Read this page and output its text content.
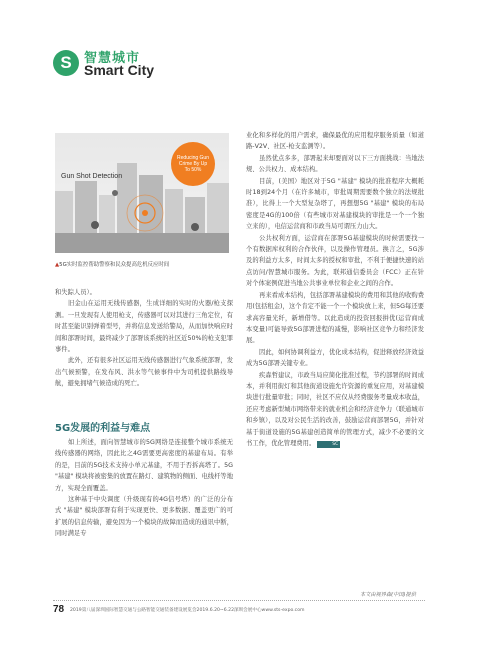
S 智慧城市
Smart City
Gun Shot Detection
Reducing Gun Crime By Up To 50%
▲5G实时监控帮助警察和民众提高危机反应时间

和失踪人员）。

旧金山在运用无线传感器，生成详细的实时的火器/枪支探测。一旦发现有人使用枪支，传感器可以对其进行三角定位，有时甚至能识别弹着型号，并将信息发送给警局，从而加快响应时间和部署时间，最终减少了部署该系统的社区近50%的枪支犯罪事件。

此外，还有很多社区运用无线传感器进行气象系统部署，发出气候预警，在发布风、洪水等气候事件中为司机提供路线导航，避免拥堵气候造成的死亡。

5G发展的利益与难点

如上所述，面向智慧城市的5G网络是连接整个城市系统无线传感器的网络，因此比之4G需要更高密度的基建布局。有举的是，目前的5G技术支持小单元基建，不用于否拆高塔了。5G "基建" 模块将被密集的放置在路灯、建筑物的侧面、电线杆等地方，实现全面覆盖。

这种基于中央调度（升级现有的4G信号塔）的广泛的分布式 "基建" 模块部署有利于实现更快、更多数据、覆盖更广的可扩展的信息传输，避免因为一个模块的故障而造成的通讯中断，同时满足专

业化和多样化的用户需求，确保最优的应用程序服务质量（如道路-V2V、社区-枪支监测等）。

虽然优点多多，部署起来却要面对以下三方面挑战：当地法规、公共权力、成本结构。

目前，(美国）地区对于5G "基建" 模块的批准程序大概耗时18到24个月（在许多城市，审批周期需要数个独立的法规批准），比得上一个大型复杂塔了，再想想5G "基建" 模块的布局密度是4G的100倍（有些城市对基建模块的审批是一个一个独立来的），电信运营商和市政当局可谓压力山大。

公共权利方面，运营商在部署5G基建模块的时候需要找一个有数据库权利的合作伙伴，以及操作管理员。换言之，5G涉及的利益方太多，时间太多的授权和审批，不利于便捷快速的站点访问/智慧城市服务。为此，联邦通信委员会（FCC）正在针对个体案例促进当地公共事业单位和企业之间的合作。

再来看成本结构，包括部署基建模块的费用和其他的收购费用(包括租金)，这个肯定不能一个一个模块放上来，但5G每还要求高容量光纤，新增借等。以此造成的投资回报拼优(运营商成本变量)可能导致5G部署进程的减慢，影响社区竞争力和经济发展。

因此，如何协调利益方，优化成本结构，促进释放经济效益成为5G部署关键专业。

疾森哲建议，市政当局应简化批准过程，节约部署的时间成本，并利用街灯和其他街道设施允许资源的重复应用，对基建模块进行批量审批；同时，社区不应仅从经费服务考量成本收益，还应考虑新型城市网络带来的就业机会和经济竞争力（联通城市和乡镇），以及对公民生活的改善，鼓励运营商部署5G，并针对基于街道设施的5G基建创造简单的管理方式，减少不必要的文书工作，优化管理费用。	SC

本文由视界森(中国)提供
78 2019第八届深圳国际智慧交通与公路智能交通装备建设展览会2019.6.20~6.22深圳会展中心www.sts-expo.com
